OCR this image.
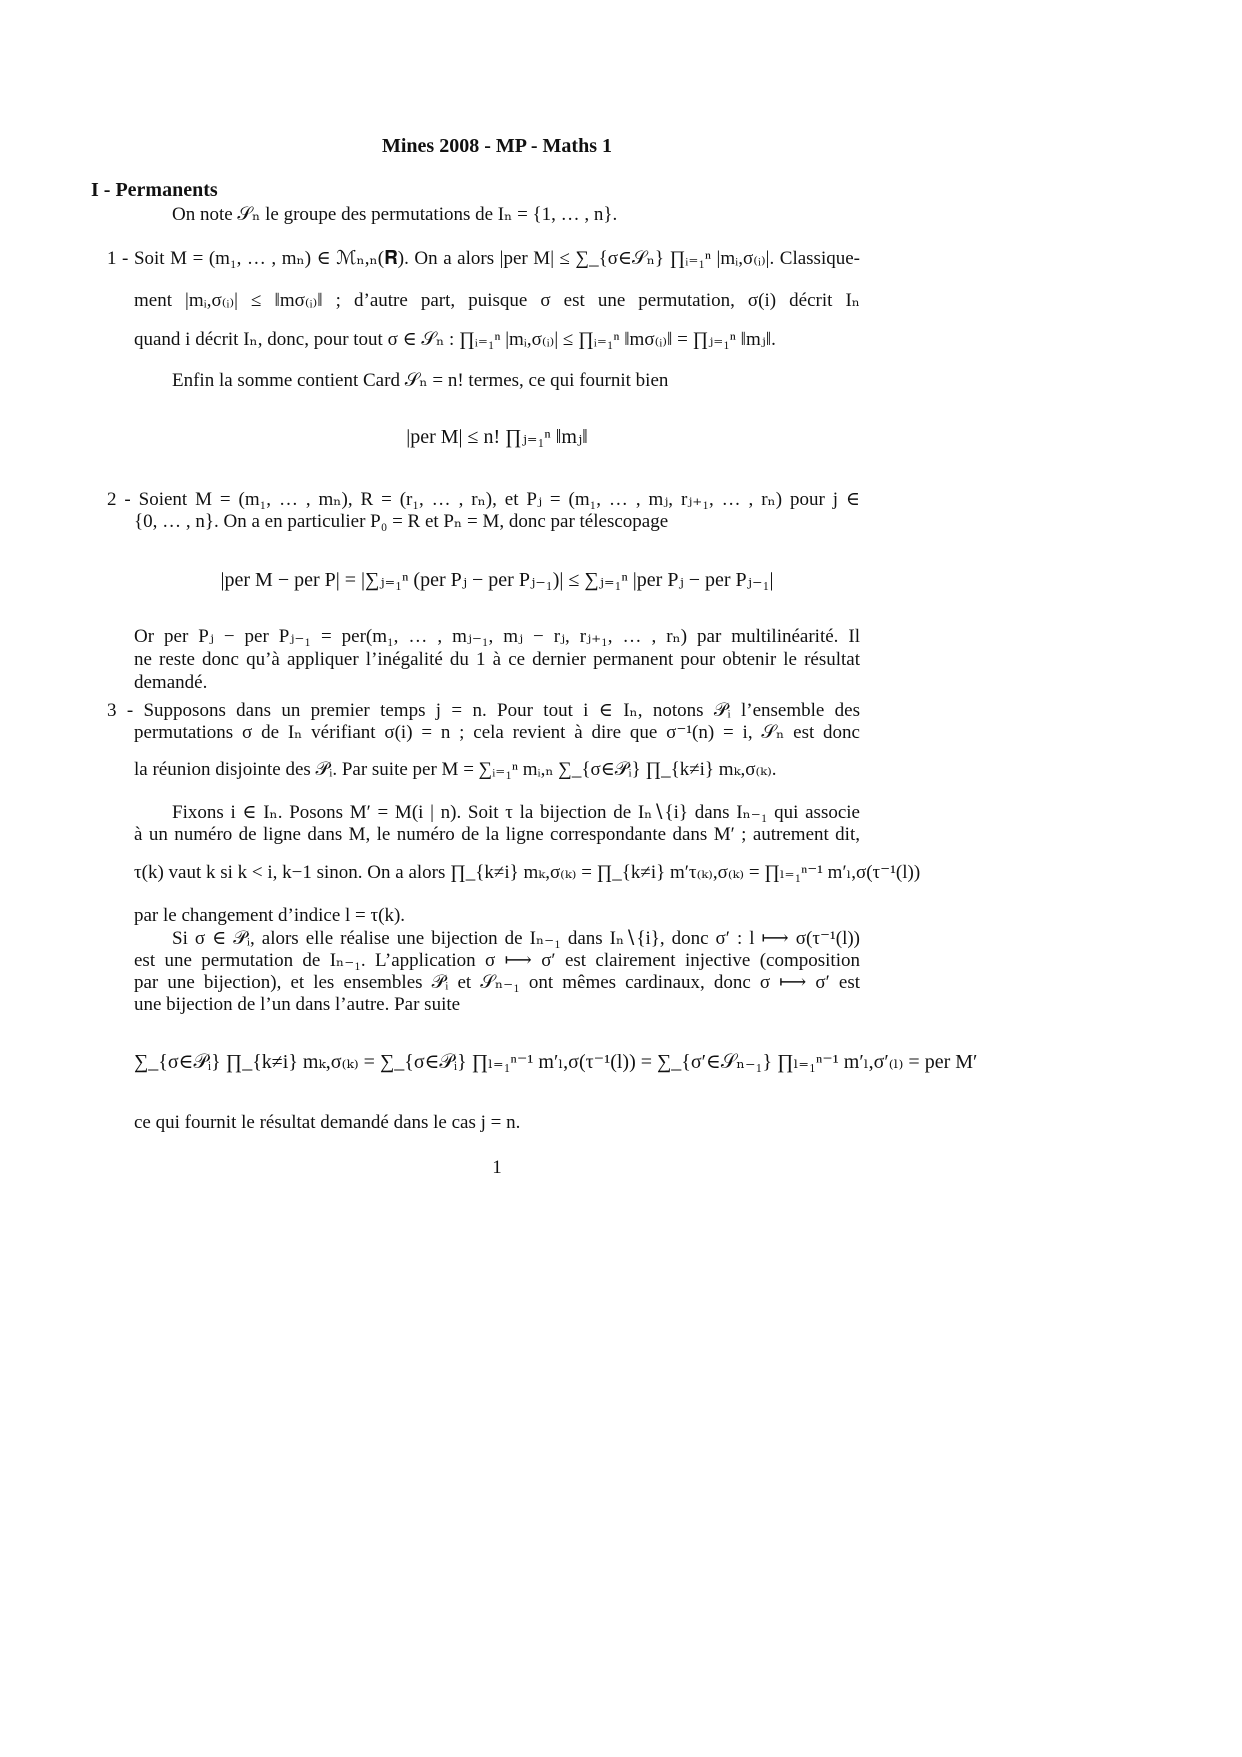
Mines 2008 - MP - Maths 1
I - Permanents
On note 𝒮ₙ le groupe des permutations de Iₙ = {1, … , n}.
1 - Soit M = (m₁, … , mₙ) ∈ ℳₙ,ₙ(𝐑). On a alors |per M| ≤ ∑_{σ∈𝒮ₙ} ∏ᵢ₌₁ⁿ |mᵢ,σ₍ᵢ₎|. Classique-
ment |mᵢ,σ₍ᵢ₎| ≤ ‖mσ₍ᵢ₎‖ ; d’autre part, puisque σ est une permutation, σ(i) décrit Iₙ
quand i décrit Iₙ, donc, pour tout σ ∈ 𝒮ₙ : ∏ᵢ₌₁ⁿ |mᵢ,σ₍ᵢ₎| ≤ ∏ᵢ₌₁ⁿ ‖mσ₍ᵢ₎‖ = ∏ⱼ₌₁ⁿ ‖mⱼ‖.
Enfin la somme contient Card 𝒮ₙ = n! termes, ce qui fournit bien
|per M| ≤ n! ∏ⱼ₌₁ⁿ ‖mⱼ‖
2 - Soient M = (m₁, … , mₙ), R = (r₁, … , rₙ), et Pⱼ = (m₁, … , mⱼ, rⱼ₊₁, … , rₙ) pour j ∈
{0, … , n}. On a en particulier P₀ = R et Pₙ = M, donc par télescopage
|per M − per P| = |∑ⱼ₌₁ⁿ (per Pⱼ − per Pⱼ₋₁)| ≤ ∑ⱼ₌₁ⁿ |per Pⱼ − per Pⱼ₋₁|
Or per Pⱼ − per Pⱼ₋₁ = per(m₁, … , mⱼ₋₁, mⱼ − rⱼ, rⱼ₊₁, … , rₙ) par multilinéarité. Il
ne reste donc qu’à appliquer l’inégalité du 1 à ce dernier permanent pour obtenir le résultat
demandé.
3 - Supposons dans un premier temps j = n. Pour tout i ∈ Iₙ, notons 𝒫ᵢ l’ensemble des
permutations σ de Iₙ vérifiant σ(i) = n ; cela revient à dire que σ⁻¹(n) = i, 𝒮ₙ est donc
la réunion disjointe des 𝒫ᵢ. Par suite per M = ∑ᵢ₌₁ⁿ mᵢ,ₙ ∑_{σ∈𝒫ᵢ} ∏_{k≠i} mₖ,σ₍ₖ₎.
Fixons i ∈ Iₙ. Posons M′ = M(i | n). Soit τ la bijection de Iₙ∖{i} dans Iₙ₋₁ qui associe
à un numéro de ligne dans M, le numéro de la ligne correspondante dans M′ ; autrement dit,
τ(k) vaut k si k < i, k−1 sinon. On a alors ∏_{k≠i} mₖ,σ₍ₖ₎ = ∏_{k≠i} m′τ₍ₖ₎,σ₍ₖ₎ = ∏ₗ₌₁ⁿ⁻¹ m′ₗ,σ(τ⁻¹(l))
par le changement d’indice l = τ(k).
Si σ ∈ 𝒫ᵢ, alors elle réalise une bijection de Iₙ₋₁ dans Iₙ∖{i}, donc σ′ : l ⟼ σ(τ⁻¹(l))
est une permutation de Iₙ₋₁. L’application σ ⟼ σ′ est clairement injective (composition
par une bijection), et les ensembles 𝒫ᵢ et 𝒮ₙ₋₁ ont mêmes cardinaux, donc σ ⟼ σ′ est
une bijection de l’un dans l’autre. Par suite
∑_{σ∈𝒫ᵢ} ∏_{k≠i} mₖ,σ₍ₖ₎ = ∑_{σ∈𝒫ᵢ} ∏ₗ₌₁ⁿ⁻¹ m′ₗ,σ(τ⁻¹(l)) = ∑_{σ′∈𝒮ₙ₋₁} ∏ₗ₌₁ⁿ⁻¹ m′ₗ,σ′₍ₗ₎ = per M′
ce qui fournit le résultat demandé dans le cas j = n.
1
